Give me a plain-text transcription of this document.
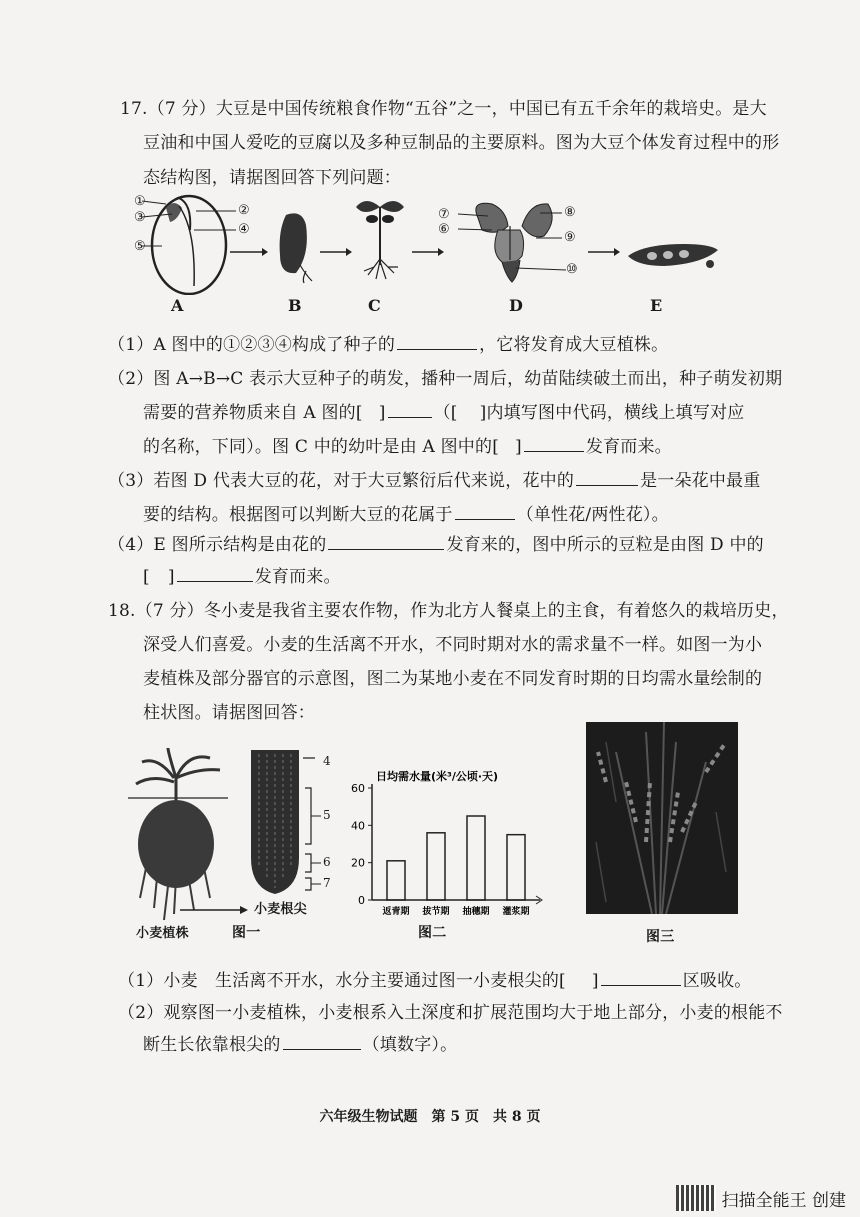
17.（7 分）大豆是中国传统粮食作物“五谷”之一，中国已有五千余年的栽培史。是大
豆油和中国人爱吃的豆腐以及多种豆制品的主要原料。图为大豆个体发育过程中的形
态结构图，请据图回答下列问题：
①
③
⑤
②
④
⑦
⑥
⑧
⑨
⑩
A	B	C	D	E
（1）A 图中的①②③④构成了种子的	，它将发育成大豆植株。
（2）图 A→B→C 表示大豆种子的萌发，播种一周后，幼苗陆续破土而出，种子萌发初期
需要的营养物质来自 A 图的[ ]	（[ ]内填写图中代码，横线上填写对应
的名称，下同）。图 C 中的幼叶是由 A 图中的[ ]	发育而来。
（3）若图 D 代表大豆的花，对于大豆繁衍后代来说，花中的	是一朵花中最重
要的结构。根据图可以判断大豆的花属于	（单性花/两性花）。
（4）E 图所示结构是由花的	发育来的，图中所示的豆粒是由图 D 中的
[ ]	发育而来。
18.（7 分）冬小麦是我省主要农作物，作为北方人餐桌上的主食，有着悠久的栽培历史，
深受人们喜爱。小麦的生活离不开水，不同时期对水的需求量不一样。如图一为小
麦植株及部分器官的示意图，图二为某地小麦在不同发育时期的日均需水量绘制的
柱状图。请据图回答：
小麦植株
4
5
6
7
小麦根尖
图一
日均需水量(米³/公顷·天)
0
20
40
60
返青期 拔节期 抽穗期 灌浆期
图二	图三
（1）小麦　生活离不开水，水分主要通过图一小麦根尖的[ ]	区吸收。
（2）观察图一小麦植株，小麦根系入土深度和扩展范围均大于地上部分，小麦的根能不
断生长依靠根尖的	（填数字）。
六年级生物试题　第 5 页　共 8 页
扫描全能王 创建
